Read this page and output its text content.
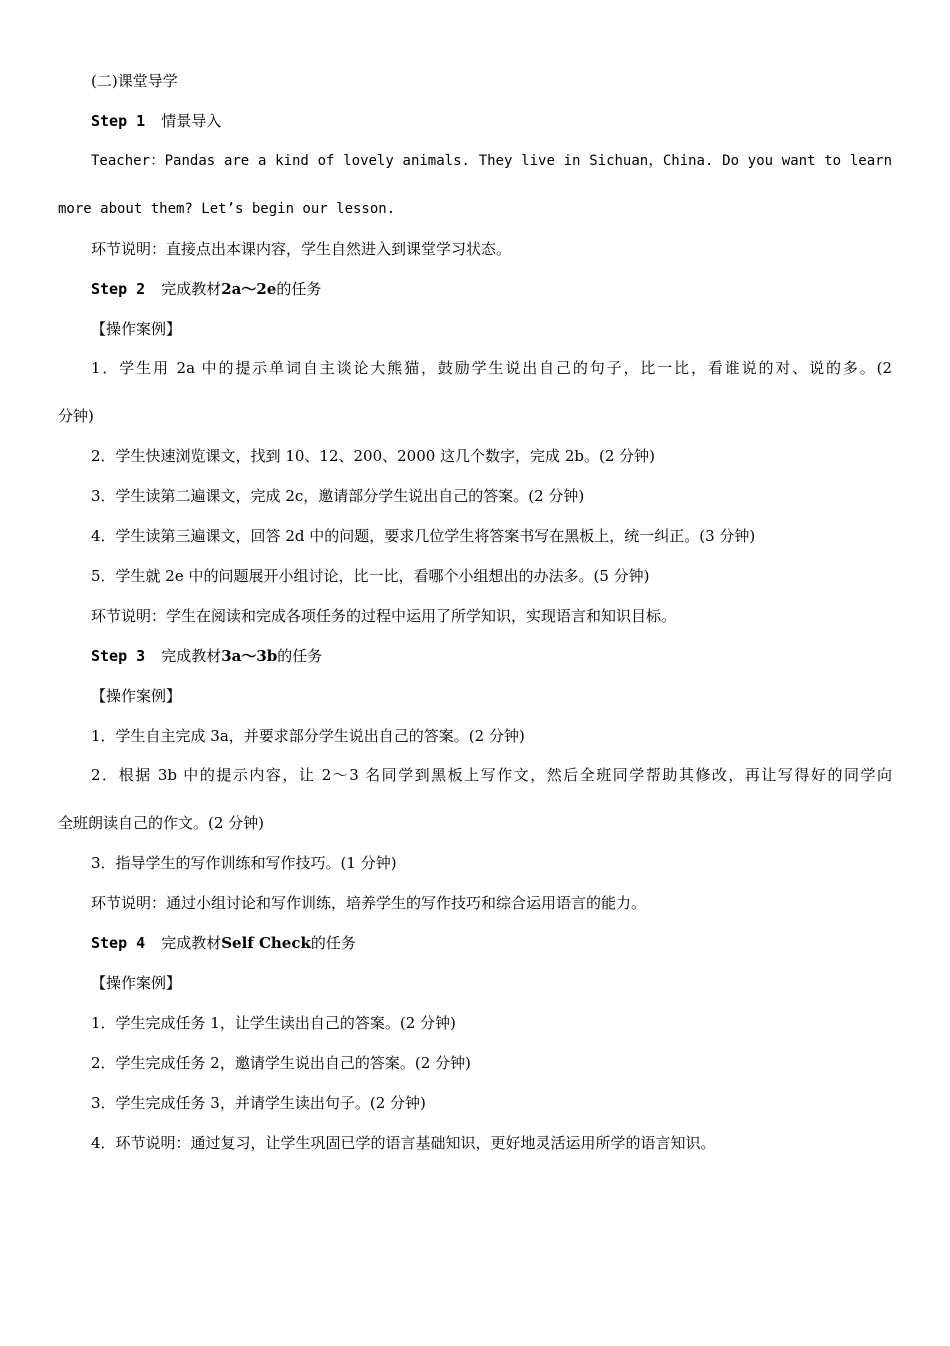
(二)课堂导学
Step 1 情景导入
Teacher：Pandas are a kind of lovely animals. They live in Sichuan，China. Do you want to learn
more about them? Let’s begin our lesson.
环节说明：直接点出本课内容，学生自然进入到课堂学习状态。
Step 2 完成教材2a～2e的任务
【操作案例】
1．学生用 2a 中的提示单词自主谈论大熊猫，鼓励学生说出自己的句子，比一比，看谁说的对、说的多。(2
分钟)
2．学生快速浏览课文，找到 10、12、200、2000 这几个数字，完成 2b。(2 分钟)
3．学生读第二遍课文，完成 2c，邀请部分学生说出自己的答案。(2 分钟)
4．学生读第三遍课文，回答 2d 中的问题，要求几位学生将答案书写在黑板上，统一纠正。(3 分钟)
5．学生就 2e 中的问题展开小组讨论，比一比，看哪个小组想出的办法多。(5 分钟)
环节说明：学生在阅读和完成各项任务的过程中运用了所学知识，实现语言和知识目标。
Step 3 完成教材3a～3b的任务
【操作案例】
1．学生自主完成 3a，并要求部分学生说出自己的答案。(2 分钟)
2．根据 3b 中的提示内容，让 2～3 名同学到黑板上写作文，然后全班同学帮助其修改，再让写得好的同学向
全班朗读自己的作文。(2 分钟)
3．指导学生的写作训练和写作技巧。(1 分钟)
环节说明：通过小组讨论和写作训练，培养学生的写作技巧和综合运用语言的能力。
Step 4 完成教材Self Check的任务
【操作案例】
1．学生完成任务 1，让学生读出自己的答案。(2 分钟)
2．学生完成任务 2，邀请学生说出自己的答案。(2 分钟)
3．学生完成任务 3，并请学生读出句子。(2 分钟)
4．环节说明：通过复习，让学生巩固已学的语言基础知识，更好地灵活运用所学的语言知识。
